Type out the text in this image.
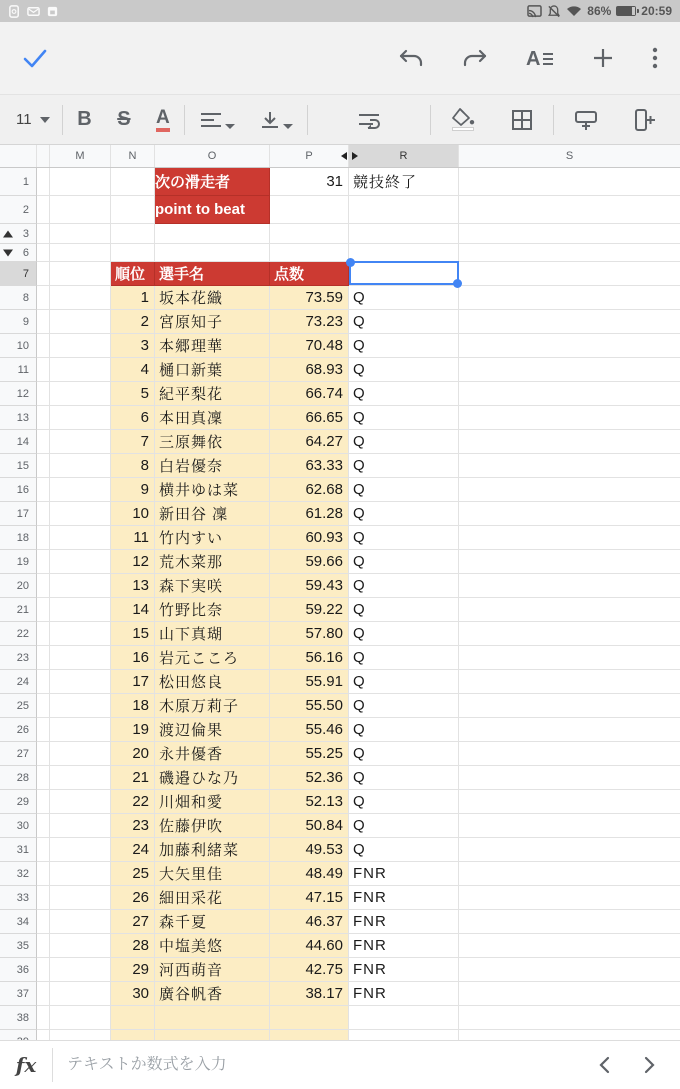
86%	20:59
A
11 B S A
M	N	O	P	R	S
1	次の滑走者	31 競技終了
2	point to beat
3
6
7	順位 選手名	点数
8	1 坂本花織	73.59 Q
9	2 宮原知子	73.23 Q
10	3 本郷理華	70.48 Q
11	4 樋口新葉	68.93 Q
12	5 紀平梨花	66.74 Q
13	6 本田真凜	66.65 Q
14	7 三原舞依	64.27 Q
15	8 白岩優奈	63.33 Q
16	9 横井ゆは菜	62.68 Q
17	10 新田谷 凜	61.28 Q
18	11 竹内すい	60.93 Q
19	12 荒木菜那	59.66 Q
20	13 森下実咲	59.43 Q
21	14 竹野比奈	59.22 Q
22	15 山下真瑚	57.80 Q
23	16 岩元こころ	56.16 Q
24	17 松田悠良	55.91 Q
25	18 木原万莉子	55.50 Q
26	19 渡辺倫果	55.46 Q
27	20 永井優香	55.25 Q
28	21 磯邉ひな乃	52.36 Q
29	22 川畑和愛	52.13 Q
30	23 佐藤伊吹	50.84 Q
31	24 加藤利緒菜	49.53 Q
32	25 大矢里佳	48.49 FNR
33	26 細田采花	47.15 FNR
34	27 森千夏	46.37 FNR
35	28 中塩美悠	44.60 FNR
36	29 河西萌音	42.75 FNR
37	30 廣谷帆香	38.17 FNR
38
fx
テキストか数式を入力
